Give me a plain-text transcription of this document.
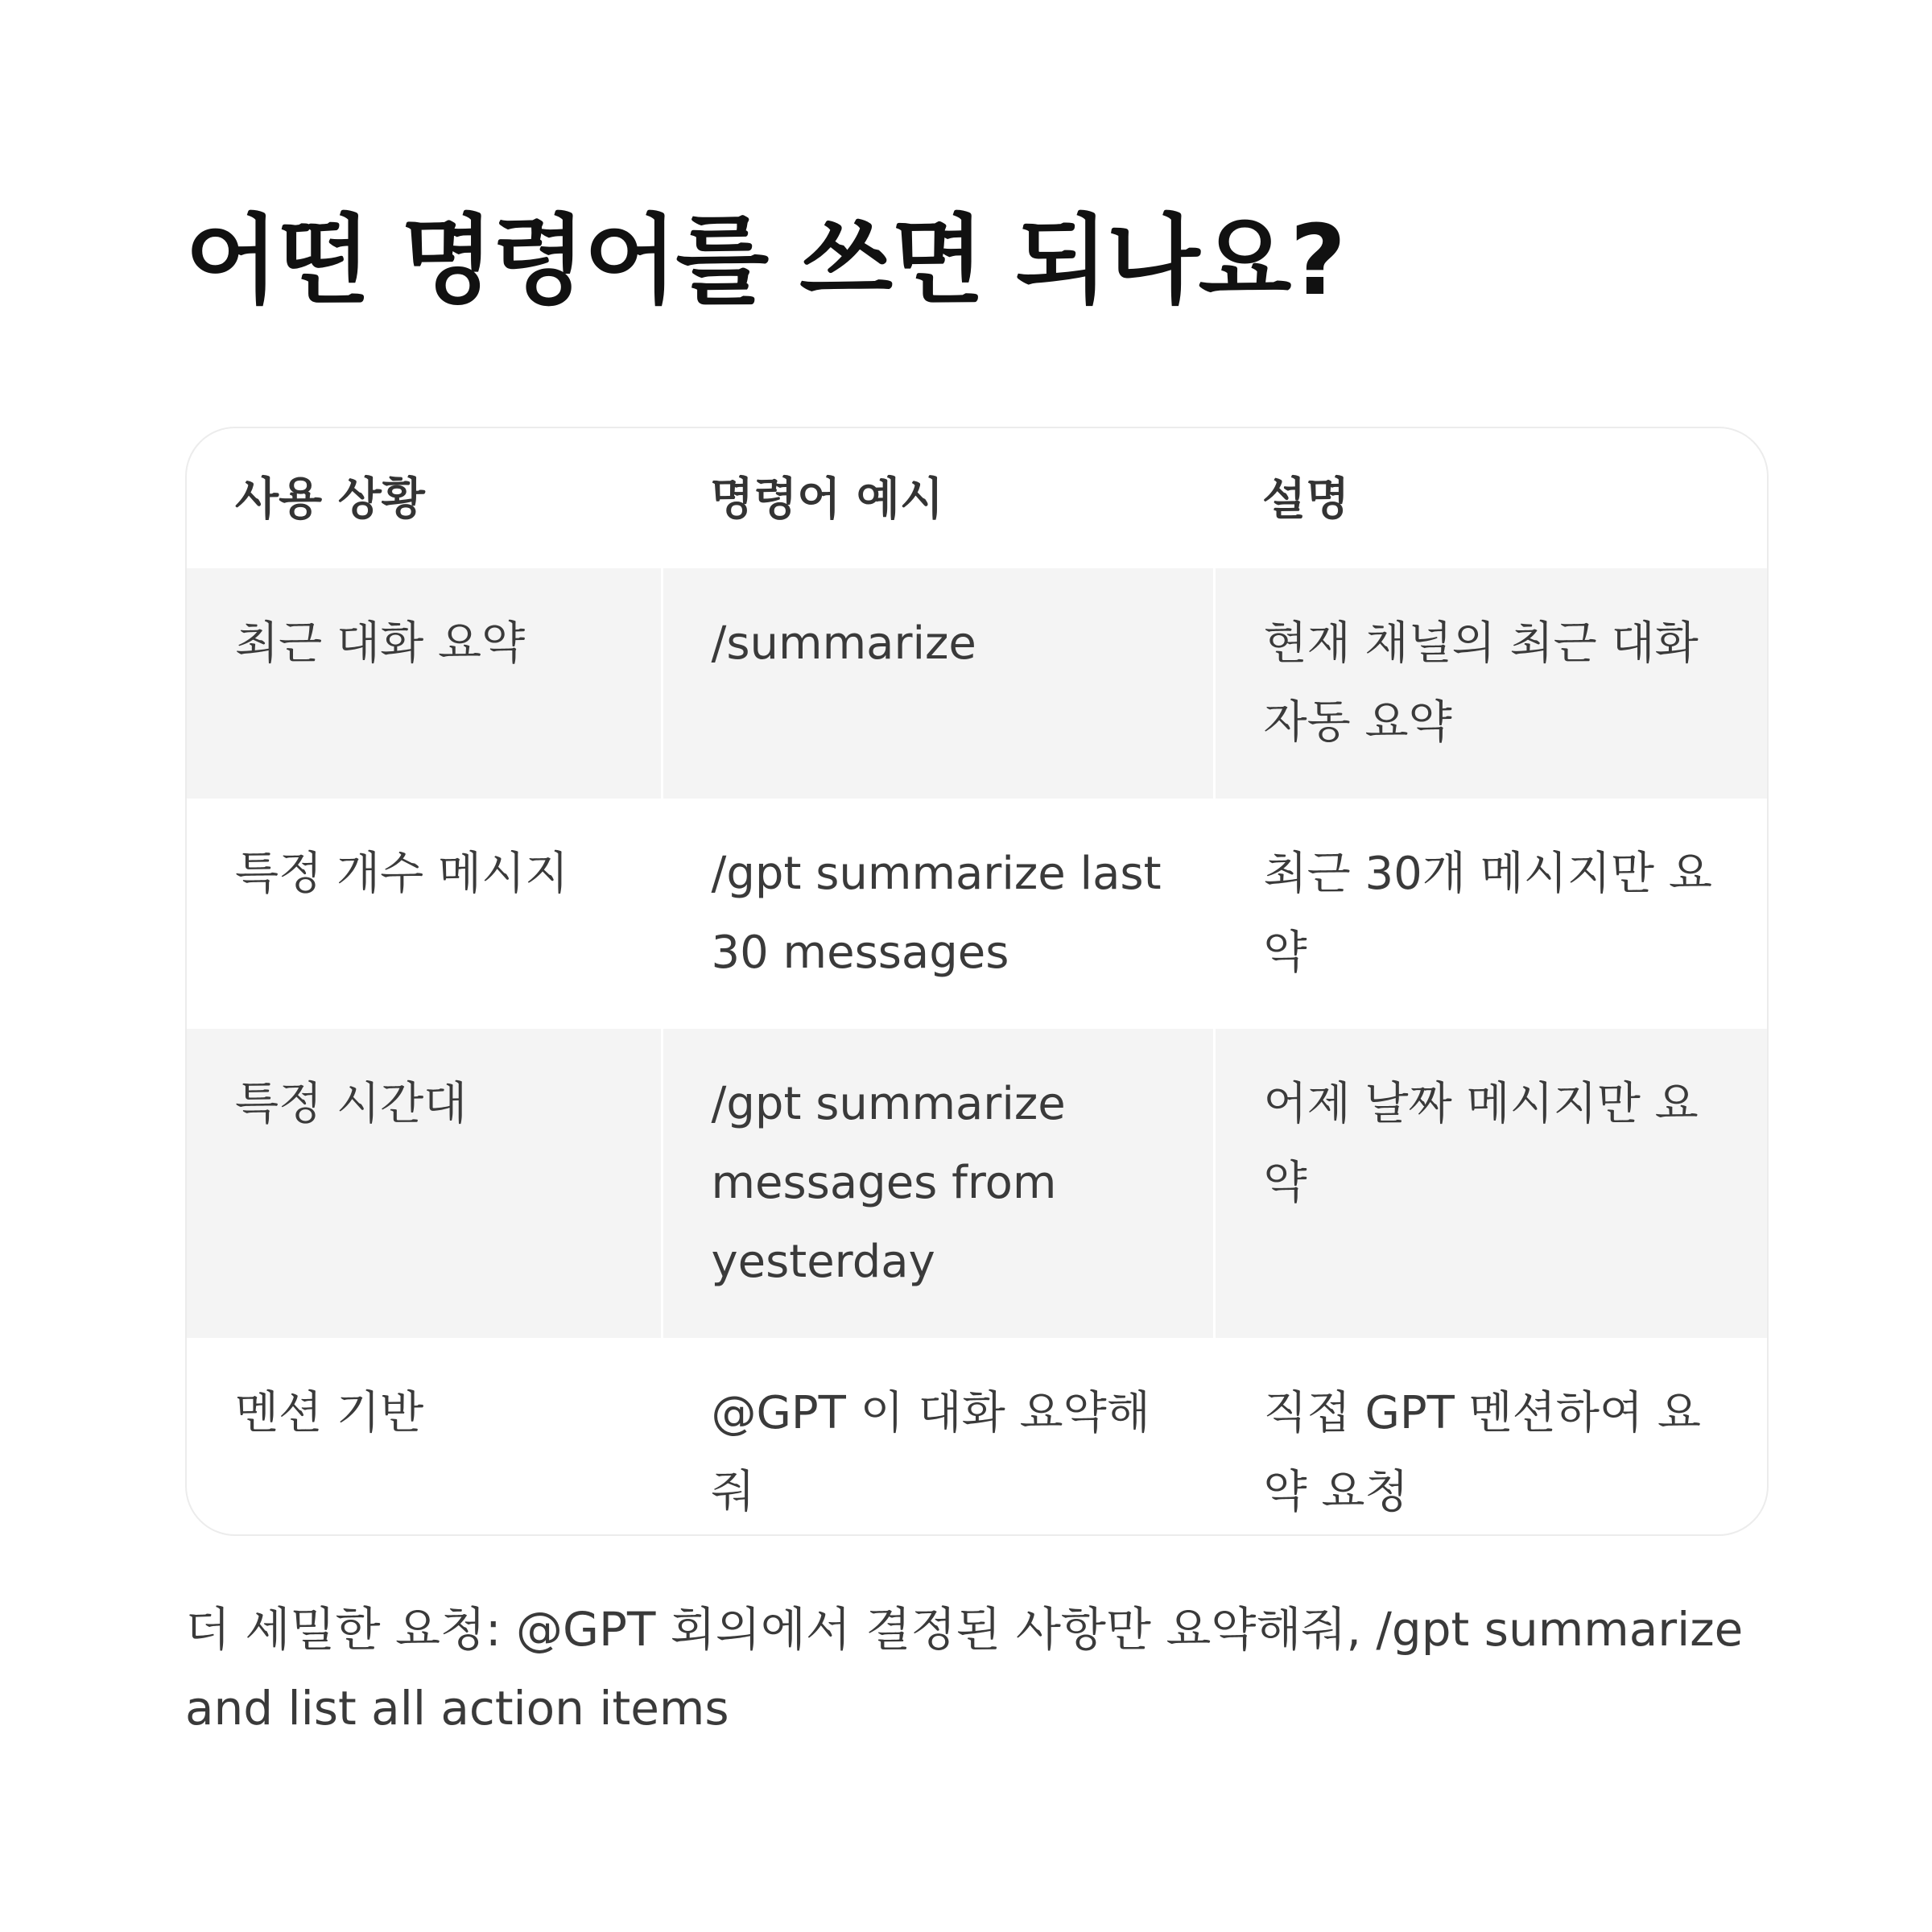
어떤 명령어를 쓰면 되나요?
사용 상황	명령어 예시	설명
최근 대화 요약	/summarize	현재 채널의 최근 대화 자동 요약
특정 개수 메시지	/gpt summarize last 30 messages	최근 30개 메시지만 요약
특정 시간대	/gpt summarize messages from yesterday	어제 날짜 메시지만 요약
멘션 기반	@GPT 이 대화 요약해줘	직접 GPT 멘션하여 요약 요청

더 세밀한 요청: @GPT 회의에서 결정된 사항만 요약해줘, /gpt summarize and list all action items
